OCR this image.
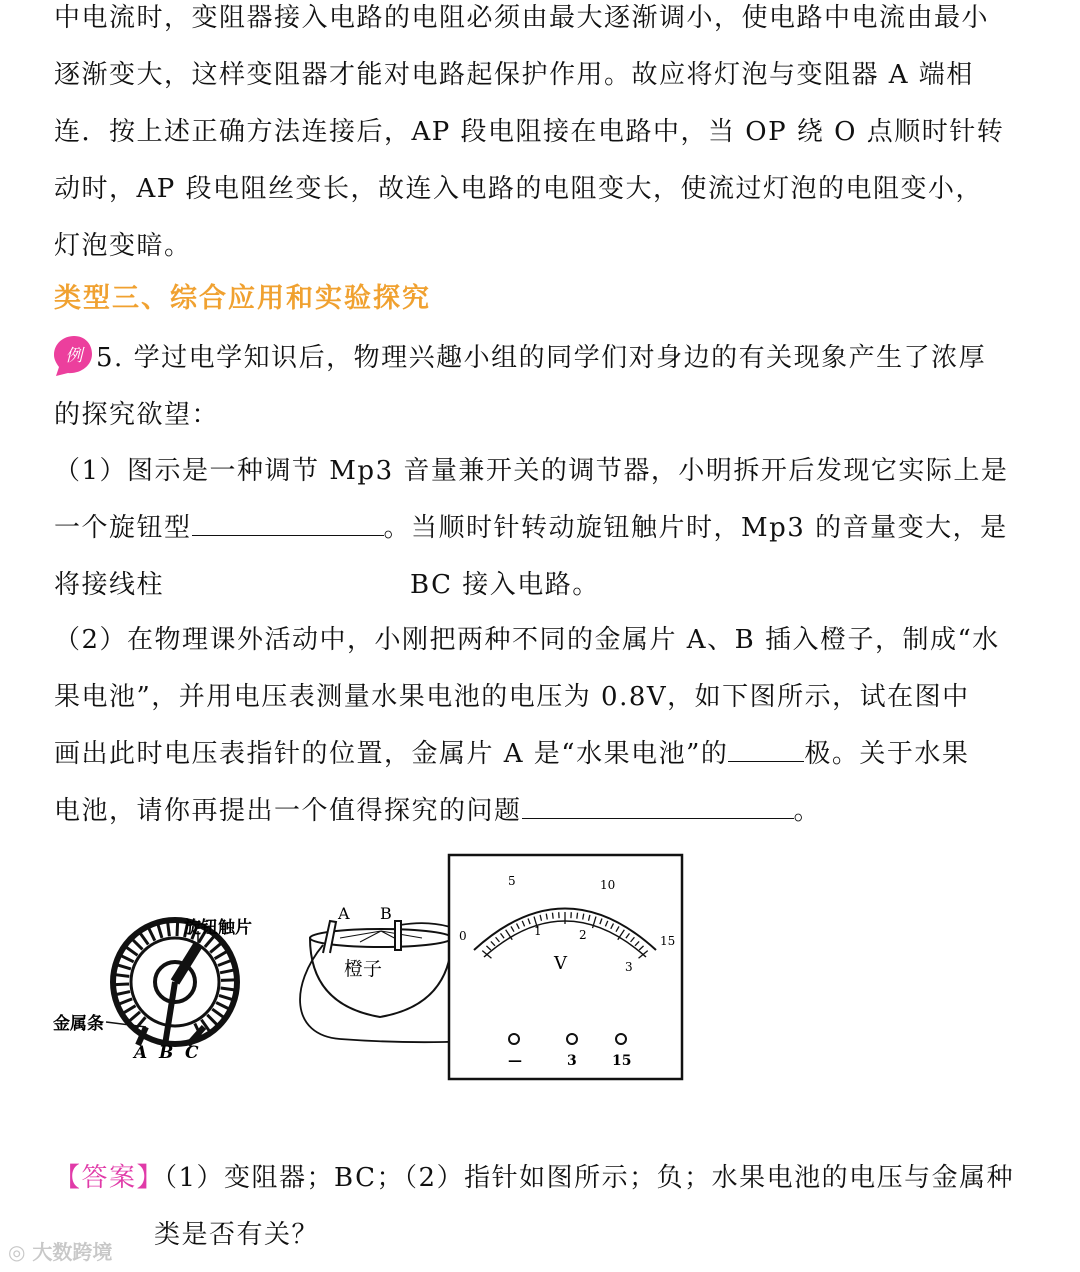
中电流时，变阻器接入电路的电阻必须由最大逐渐调小，使电路中电流由最小
逐渐变大，这样变阻器才能对电路起保护作用。故应将灯泡与变阻器 A 端相
连．按上述正确方法连接后，AP 段电阻接在电路中，当 OP 绕 O 点顺时针转
动时，AP 段电阻丝变长，故连入电路的电阻变大，使流过灯泡的电阻变小，
灯泡变暗。
类型三、综合应用和实验探究
例 5. 学过电学知识后，物理兴趣小组的同学们对身边的有关现象产生了浓厚
的探究欲望：
（1）图示是一种调节 Mp3 音量兼开关的调节器，小明拆开后发现它实际上是
一个旋钮型	。当顺时针转动旋钮触片时，Mp3 的音量变大，是
将接线柱	BC 接入电路。
（2）在物理课外活动中，小刚把两种不同的金属片 A、B 插入橙子，制成“水
果电池”，并用电压表测量水果电池的电压为 0.8V，如下图所示，试在图中
画出此时电压表指针的位置，金属片 A 是“水果电池”的	极。关于水果
电池，请你再提出一个值得探究的问题	。
旋钮触片
金属条
A B C
A B
橙子
0
5	10
15
1	2
3
V
—	3	15
【答案】（1）变阻器；BC；（2）指针如图所示；负；水果电池的电压与金属种
类是否有关？
◎ 大数跨境
